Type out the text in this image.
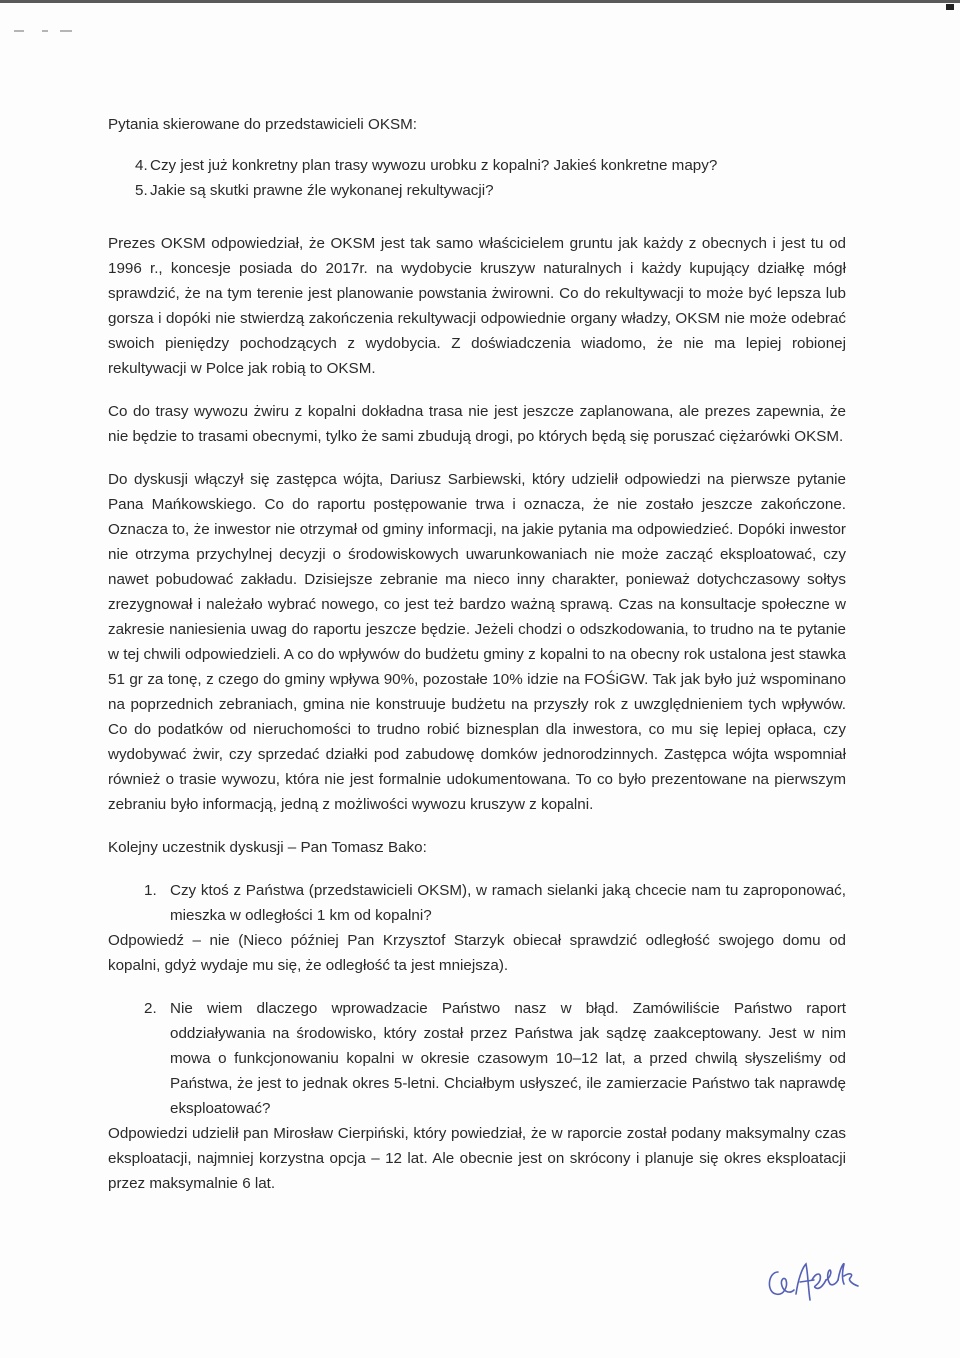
Pytania skierowane do przedstawicieli OKSM:

4. Czy jest już konkretny plan trasy wywozu urobku z kopalni? Jakieś konkretne mapy?
5. Jakie są skutki prawne źle wykonanej rekultywacji?

Prezes OKSM odpowiedział, że OKSM jest tak samo właścicielem gruntu jak każdy z obecnych i jest tu od 1996 r., koncesje posiada do 2017r. na wydobycie kruszyw naturalnych i każdy kupujący działkę mógł sprawdzić, że na tym terenie jest planowanie powstania żwirowni. Co do rekultywacji to może być lepsza lub gorsza i dopóki nie stwierdzą zakończenia rekultywacji odpowiednie organy władzy, OKSM nie może odebrać swoich pieniędzy pochodzących z wydobycia. Z doświadczenia wiadomo, że nie ma lepiej robionej rekultywacji w Polce jak robią to OKSM.

Co do trasy wywozu żwiru z kopalni dokładna trasa nie jest jeszcze zaplanowana, ale prezes zapewnia, że nie będzie to trasami obecnymi, tylko że sami zbudują drogi, po których będą się poruszać ciężarówki OKSM.

Do dyskusji włączył się zastępca wójta, Dariusz Sarbiewski, który udzielił odpowiedzi na pierwsze pytanie Pana Mańkowskiego. Co do raportu postępowanie trwa i oznacza, że nie zostało jeszcze zakończone. Oznacza to, że inwestor nie otrzymał od gminy informacji, na jakie pytania ma odpowiedzieć. Dopóki inwestor nie otrzyma przychylnej decyzji o środowiskowych uwarunkowaniach nie może zacząć eksploatować, czy nawet pobudować zakładu. Dzisiejsze zebranie ma nieco inny charakter, ponieważ dotychczasowy sołtys zrezygnował i należało wybrać nowego, co jest też bardzo ważną sprawą. Czas na konsultacje społeczne w zakresie naniesienia uwag do raportu jeszcze będzie. Jeżeli chodzi o odszkodowania, to trudno na te pytanie w tej chwili odpowiedzieli. A co do wpływów do budżetu gminy z kopalni to na obecny rok ustalona jest stawka 51 gr za tonę, z czego do gminy wpływa 90%, pozostałe 10% idzie na FOŚiGW. Tak jak było już wspominano na poprzednich zebraniach, gmina nie konstruuje budżetu na przyszły rok z uwzględnieniem tych wpływów. Co do podatków od nieruchomości to trudno robić biznesplan dla inwestora, co mu się lepiej opłaca, czy wydobywać żwir, czy sprzedać działki pod zabudowę domków jednorodzinnych. Zastępca wójta wspomniał również o trasie wywozu, która nie jest formalnie udokumentowana. To co było prezentowane na pierwszym zebraniu było informacją, jedną z możliwości wywozu kruszyw z kopalni.

Kolejny uczestnik dyskusji – Pan Tomasz Bako:

1. Czy ktoś z Państwa (przedstawicieli OKSM), w ramach sielanki jaką chcecie nam tu zaproponować, mieszka w odległości 1 km od kopalni?

Odpowiedź – nie (Nieco później Pan Krzysztof Starzyk obiecał sprawdzić odległość swojego domu od kopalni, gdyż wydaje mu się, że odległość ta jest mniejsza).

2. Nie wiem dlaczego wprowadzacie Państwo nasz w błąd. Zamówiliście Państwo raport oddziaływania na środowisko, który został przez Państwa jak sądzę zaakceptowany. Jest w nim mowa o funkcjonowaniu kopalni w okresie czasowym 10–12 lat, a przed chwilą słyszeliśmy od Państwa, że jest to jednak okres 5-letni. Chciałbym usłyszeć, ile zamierzacie Państwo tak naprawdę eksploatować?

Odpowiedzi udzielił pan Mirosław Cierpiński, który powiedział, że w raporcie został podany maksymalny czas eksploatacji, najmniej korzystna opcja – 12 lat. Ale obecnie jest on skrócony i planuje się okres eksploatacji przez maksymalnie 6 lat.
